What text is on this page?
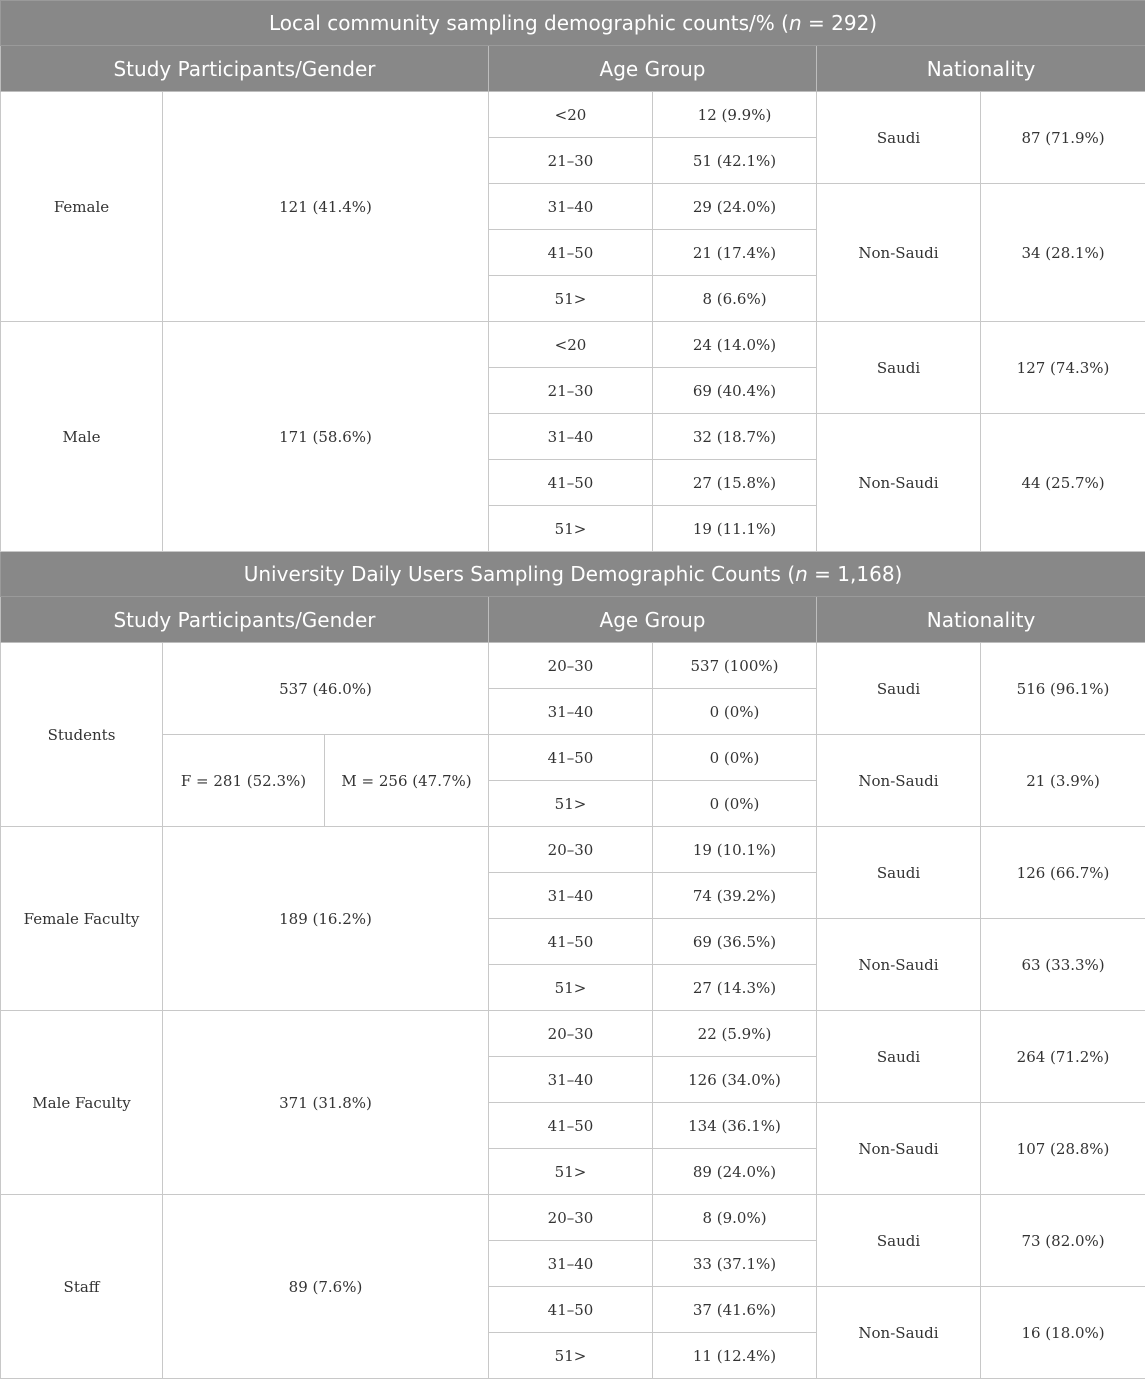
Local community sampling demographic counts/% (n = 292)						
Study Participants/Gender			Age Group		Nationality	
Female	121 (41.4%)		<20	12 (9.9%)	Saudi	87 (71.9%)
			21–30	51 (42.1%)		
			31–40	29 (24.0%)	Non-Saudi	34 (28.1%)
			41–50	21 (17.4%)		
			51>	8 (6.6%)		
Male	171 (58.6%)		<20	24 (14.0%)	Saudi	127 (74.3%)
			21–30	69 (40.4%)		
			31–40	32 (18.7%)	Non-Saudi	44 (25.7%)
			41–50	27 (15.8%)		
			51>	19 (11.1%)		
University Daily Users Sampling Demographic Counts (n = 1,168)						
Study Participants/Gender			Age Group		Nationality	
Students	537 (46.0%)		20–30	537 (100%)	Saudi	516 (96.1%)
			31–40	0 (0%)		
	F = 281 (52.3%)	M = 256 (47.7%)	41–50	0 (0%)	Non-Saudi	21 (3.9%)
			51>	0 (0%)		
Female Faculty	189 (16.2%)		20–30	19 (10.1%)	Saudi	126 (66.7%)
			31–40	74 (39.2%)		
			41–50	69 (36.5%)	Non-Saudi	63 (33.3%)
			51>	27 (14.3%)		
Male Faculty	371 (31.8%)		20–30	22 (5.9%)	Saudi	264 (71.2%)
			31–40	126 (34.0%)		
			41–50	134 (36.1%)	Non-Saudi	107 (28.8%)
			51>	89 (24.0%)		
Staff	89 (7.6%)		20–30	8 (9.0%)	Saudi	73 (82.0%)
			31–40	33 (37.1%)		
			41–50	37 (41.6%)	Non-Saudi	16 (18.0%)
			51>	11 (12.4%)		
